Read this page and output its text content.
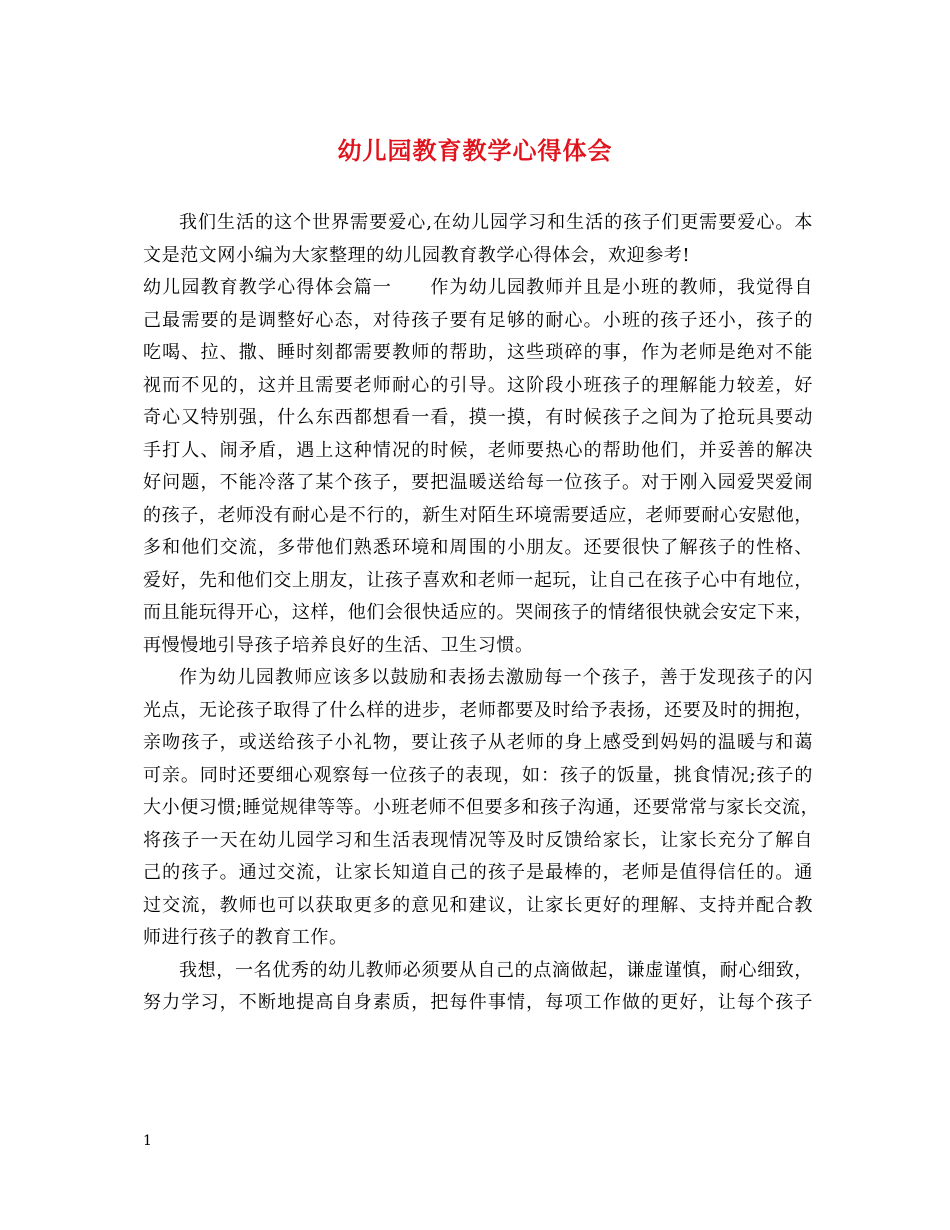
幼儿园教育教学心得体会
我们生活的这个世界需要爱心,在幼儿园学习和生活的孩子们更需要爱心。本
文是范文网小编为大家整理的幼儿园教育教学心得体会，欢迎参考!
幼儿园教育教学心得体会篇一　　作为幼儿园教师并且是小班的教师，我觉得自
己最需要的是调整好心态，对待孩子要有足够的耐心。小班的孩子还小，孩子的
吃喝、拉、撒、睡时刻都需要教师的帮助，这些琐碎的事，作为老师是绝对不能
视而不见的，这并且需要老师耐心的引导。这阶段小班孩子的理解能力较差，好
奇心又特别强，什么东西都想看一看，摸一摸，有时候孩子之间为了抢玩具要动
手打人、闹矛盾，遇上这种情况的时候，老师要热心的帮助他们，并妥善的解决
好问题，不能冷落了某个孩子，要把温暖送给每一位孩子。对于刚入园爱哭爱闹
的孩子，老师没有耐心是不行的，新生对陌生环境需要适应，老师要耐心安慰他，
多和他们交流，多带他们熟悉环境和周围的小朋友。还要很快了解孩子的性格、
爱好，先和他们交上朋友，让孩子喜欢和老师一起玩，让自己在孩子心中有地位，
而且能玩得开心，这样，他们会很快适应的。哭闹孩子的情绪很快就会安定下来，
再慢慢地引导孩子培养良好的生活、卫生习惯。
作为幼儿园教师应该多以鼓励和表扬去激励每一个孩子，善于发现孩子的闪
光点，无论孩子取得了什么样的进步，老师都要及时给予表扬，还要及时的拥抱，
亲吻孩子，或送给孩子小礼物，要让孩子从老师的身上感受到妈妈的温暖与和蔼
可亲。同时还要细心观察每一位孩子的表现，如：孩子的饭量，挑食情况;孩子的
大小便习惯;睡觉规律等等。小班老师不但要多和孩子沟通，还要常常与家长交流，
将孩子一天在幼儿园学习和生活表现情况等及时反馈给家长，让家长充分了解自
己的孩子。通过交流，让家长知道自己的孩子是最棒的，老师是值得信任的。通
过交流，教师也可以获取更多的意见和建议，让家长更好的理解、支持并配合教
师进行孩子的教育工作。
我想，一名优秀的幼儿教师必须要从自己的点滴做起，谦虚谨慎，耐心细致，
努力学习，不断地提高自身素质，把每件事情，每项工作做的更好，让每个孩子
1
